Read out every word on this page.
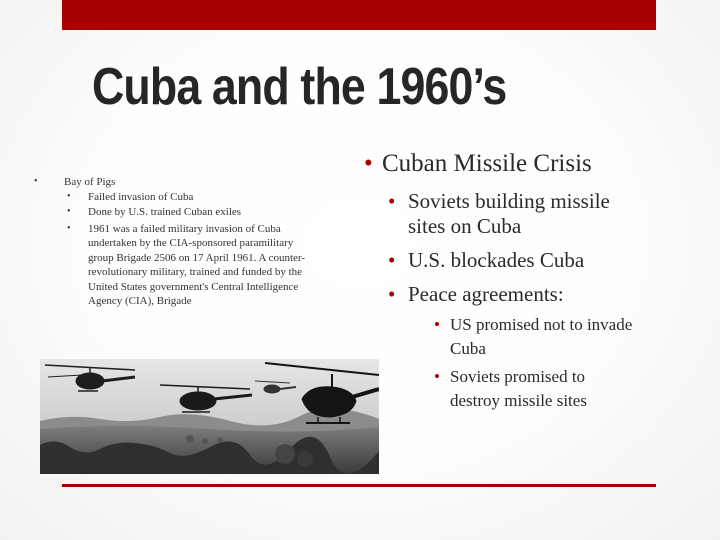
Cuba and the 1960’s
• Bay of Pigs
• Failed invasion of Cuba
• Done by U.S. trained Cuban exiles
• 1961 was a failed military invasion of Cuba undertaken by the CIA-sponsored paramilitary group Brigade 2506 on 17 April 1961. A counter-revolutionary military, trained and funded by the United States government's Central Intelligence Agency (CIA), Brigade
• Cuban Missile Crisis
• Soviets building missile sites on Cuba
• U.S. blockades Cuba
• Peace agreements:
• US promised not to invade Cuba
• Soviets promised to destroy missile sites
